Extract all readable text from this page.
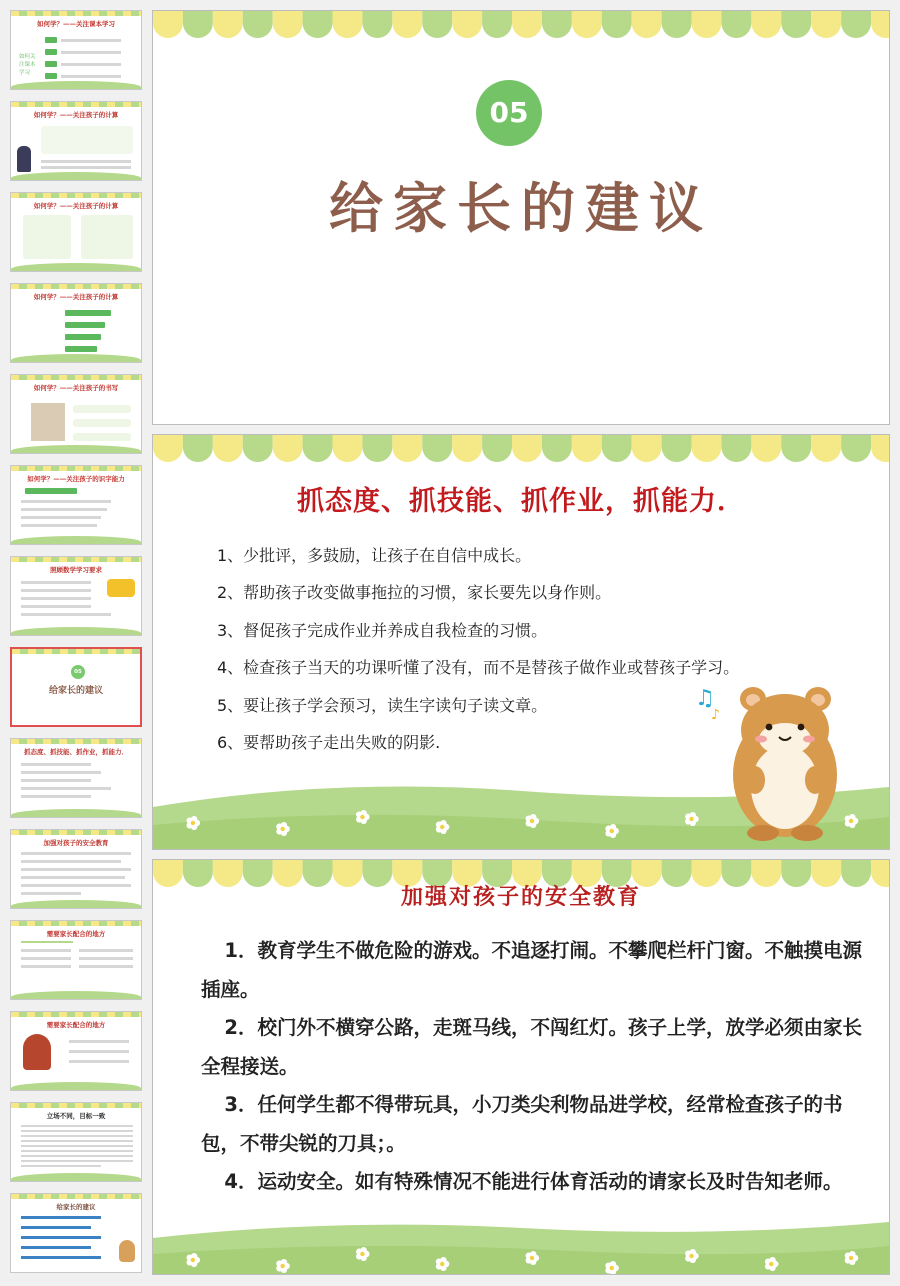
如何学？——关注课本学习
如何关注课本学习
如何学？——关注孩子的计算
如何学？——关注孩子的计算
如何学？——关注孩子的计算
如何学？——关注孩子的书写
如何学？——关注孩子的识字能力
照顾数学学习要求
05
给家长的建议
抓态度、抓技能、抓作业，抓能力．
加强对孩子的安全教育
需要家长配合的地方
需要家长配合的地方
立场不同，目标一致
给家长的建议
05
给家长的建议
抓态度、抓技能、抓作业，抓能力．
1、少批评，多鼓励，让孩子在自信中成长。
2、帮助孩子改变做事拖拉的习惯，家长要先以身作则。
3、督促孩子完成作业并养成自我检查的习惯。
4、检查孩子当天的功课听懂了没有，而不是替孩子做作业或替孩子学习。
5、要让孩子学会预习，读生字读句子读文章。
6、要帮助孩子走出失败的阴影.
♫
♪
加强对孩子的安全教育

1．教育学生不做危险的游戏。不追逐打闹。不攀爬栏杆门窗。不触摸电源插座。

2．校门外不横穿公路，走斑马线，不闯红灯。孩子上学，放学必须由家长全程接送。

3．任何学生都不得带玩具，小刀类尖利物品进学校，经常检查孩子的书包，不带尖锐的刀具；。

4．运动安全。如有特殊情况不能进行体育活动的请家长及时告知老师。
